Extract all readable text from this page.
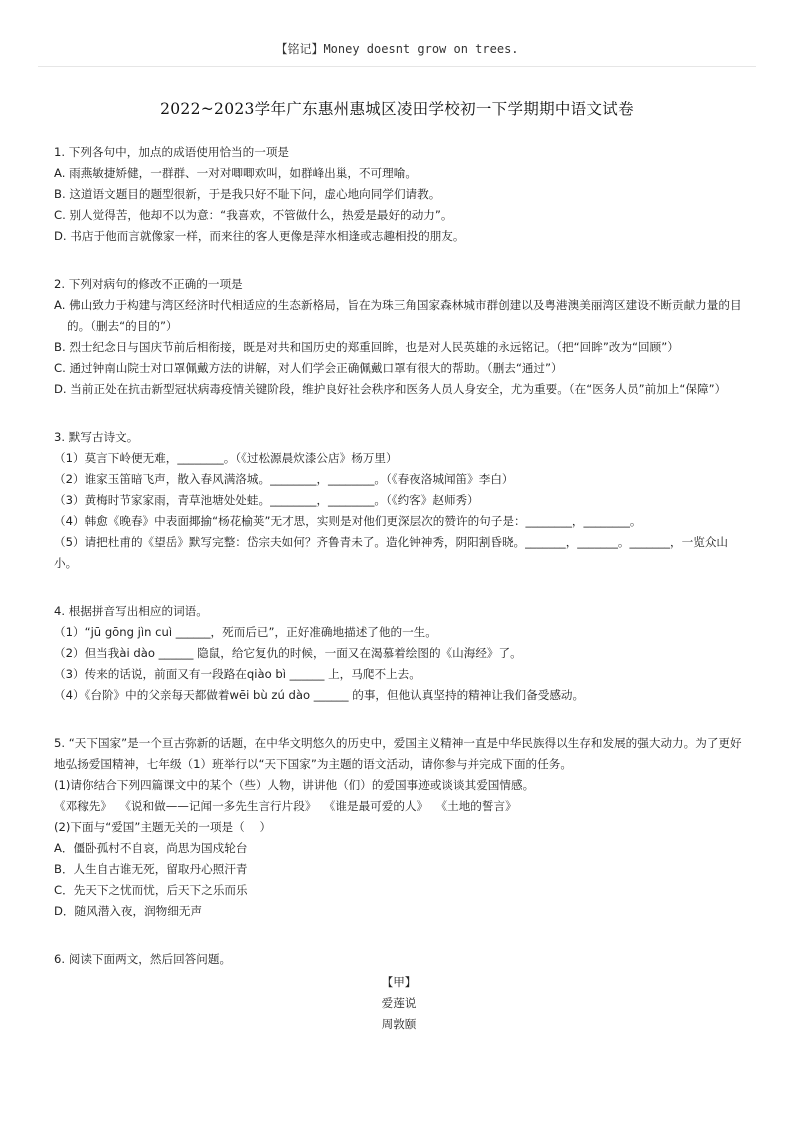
【铭记】Money doesnt grow on trees.
2022~2023学年广东惠州惠城区凌田学校初一下学期期中语文试卷
1. 下列各句中，加点的成语使用恰当的一项是
A. 雨燕敏捷矫健，一群群、一对对唧唧欢叫，如群峰出巢，不可理喻。
B. 这道语文题目的题型很新，于是我只好不耻下问，虚心地向同学们请教。
C. 别人觉得苦，他却不以为意：“我喜欢，不管做什么，热爱是最好的动力”。
D. 书店于他而言就像家一样，而来往的客人更像是萍水相逢或志趣相投的朋友。
2. 下列对病句的修改不正确的一项是
A. 佛山致力于构建与湾区经济时代相适应的生态新格局，旨在为珠三角国家森林城市群创建以及粤港澳美丽湾区建设不断贡献力量的目的。（删去“的目的”）
B. 烈士纪念日与国庆节前后相衔接，既是对共和国历史的郑重回眸，也是对人民英雄的永远铭记。（把“回眸”改为“回顾”）
C. 通过钟南山院士对口罩佩戴方法的讲解，对人们学会正确佩戴口罩有很大的帮助。（删去“通过”）
D. 当前正处在抗击新型冠状病毒疫情关键阶段，维护良好社会秩序和医务人员人身安全，尤为重要。（在“医务人员”前加上“保障”）
3. 默写古诗文。
（1）莫言下岭便无难，________。（《过松源晨炊漆公店》杨万里）
（2）谁家玉笛暗飞声，散入春风满洛城。________，________。（《春夜洛城闻笛》李白）
（3）黄梅时节家家雨，青草池塘处处蛙。________，________。（《约客》赵师秀）
（4）韩愈《晚春》中表面揶揄“杨花榆荚”无才思，实则是对他们更深层次的赞许的句子是：________，________。
（5）请把杜甫的《望岳》默写完整：岱宗夫如何？齐鲁青未了。造化钟神秀，阴阳割昏晓。_______，_______。_______，一览众山小。
4. 根据拼音写出相应的词语。
（1）“jū gōng jìn cuì ______，死而后已”，正好准确地描述了他的一生。
（2）但当我ài dào ______ 隐鼠，给它复仇的时候，一面又在渴慕着绘图的《山海经》了。
（3）传来的话说，前面又有一段路在qiào bì ______ 上，马爬不上去。
（4）《台阶》中的父亲每天都做着wēi bù zú dào ______ 的事，但他认真坚持的精神让我们备受感动。
5. “天下国家”是一个亘古弥新的话题，在中华文明悠久的历史中，爱国主义精神一直是中华民族得以生存和发展的强大动力。为了更好地弘扬爱国精神，七年级（1）班举行以“天下国家”为主题的语文活动，请你参与并完成下面的任务。
(1)请你结合下列四篇课文中的某个（些）人物，讲讲他（们）的爱国事迹或谈谈其爱国情感。
《邓稼先》  《说和做——记闻一多先生言行片段》  《谁是最可爱的人》  《土地的誓言》
(2)下面与“爱国”主题无关的一项是（    ）
A．僵卧孤村不自哀，尚思为国戍轮台
B．人生自古谁无死，留取丹心照汗青
C．先天下之忧而忧，后天下之乐而乐
D．随风潜入夜，润物细无声
6. 阅读下面两文，然后回答问题。
【甲】
爱莲说
周敦颐
